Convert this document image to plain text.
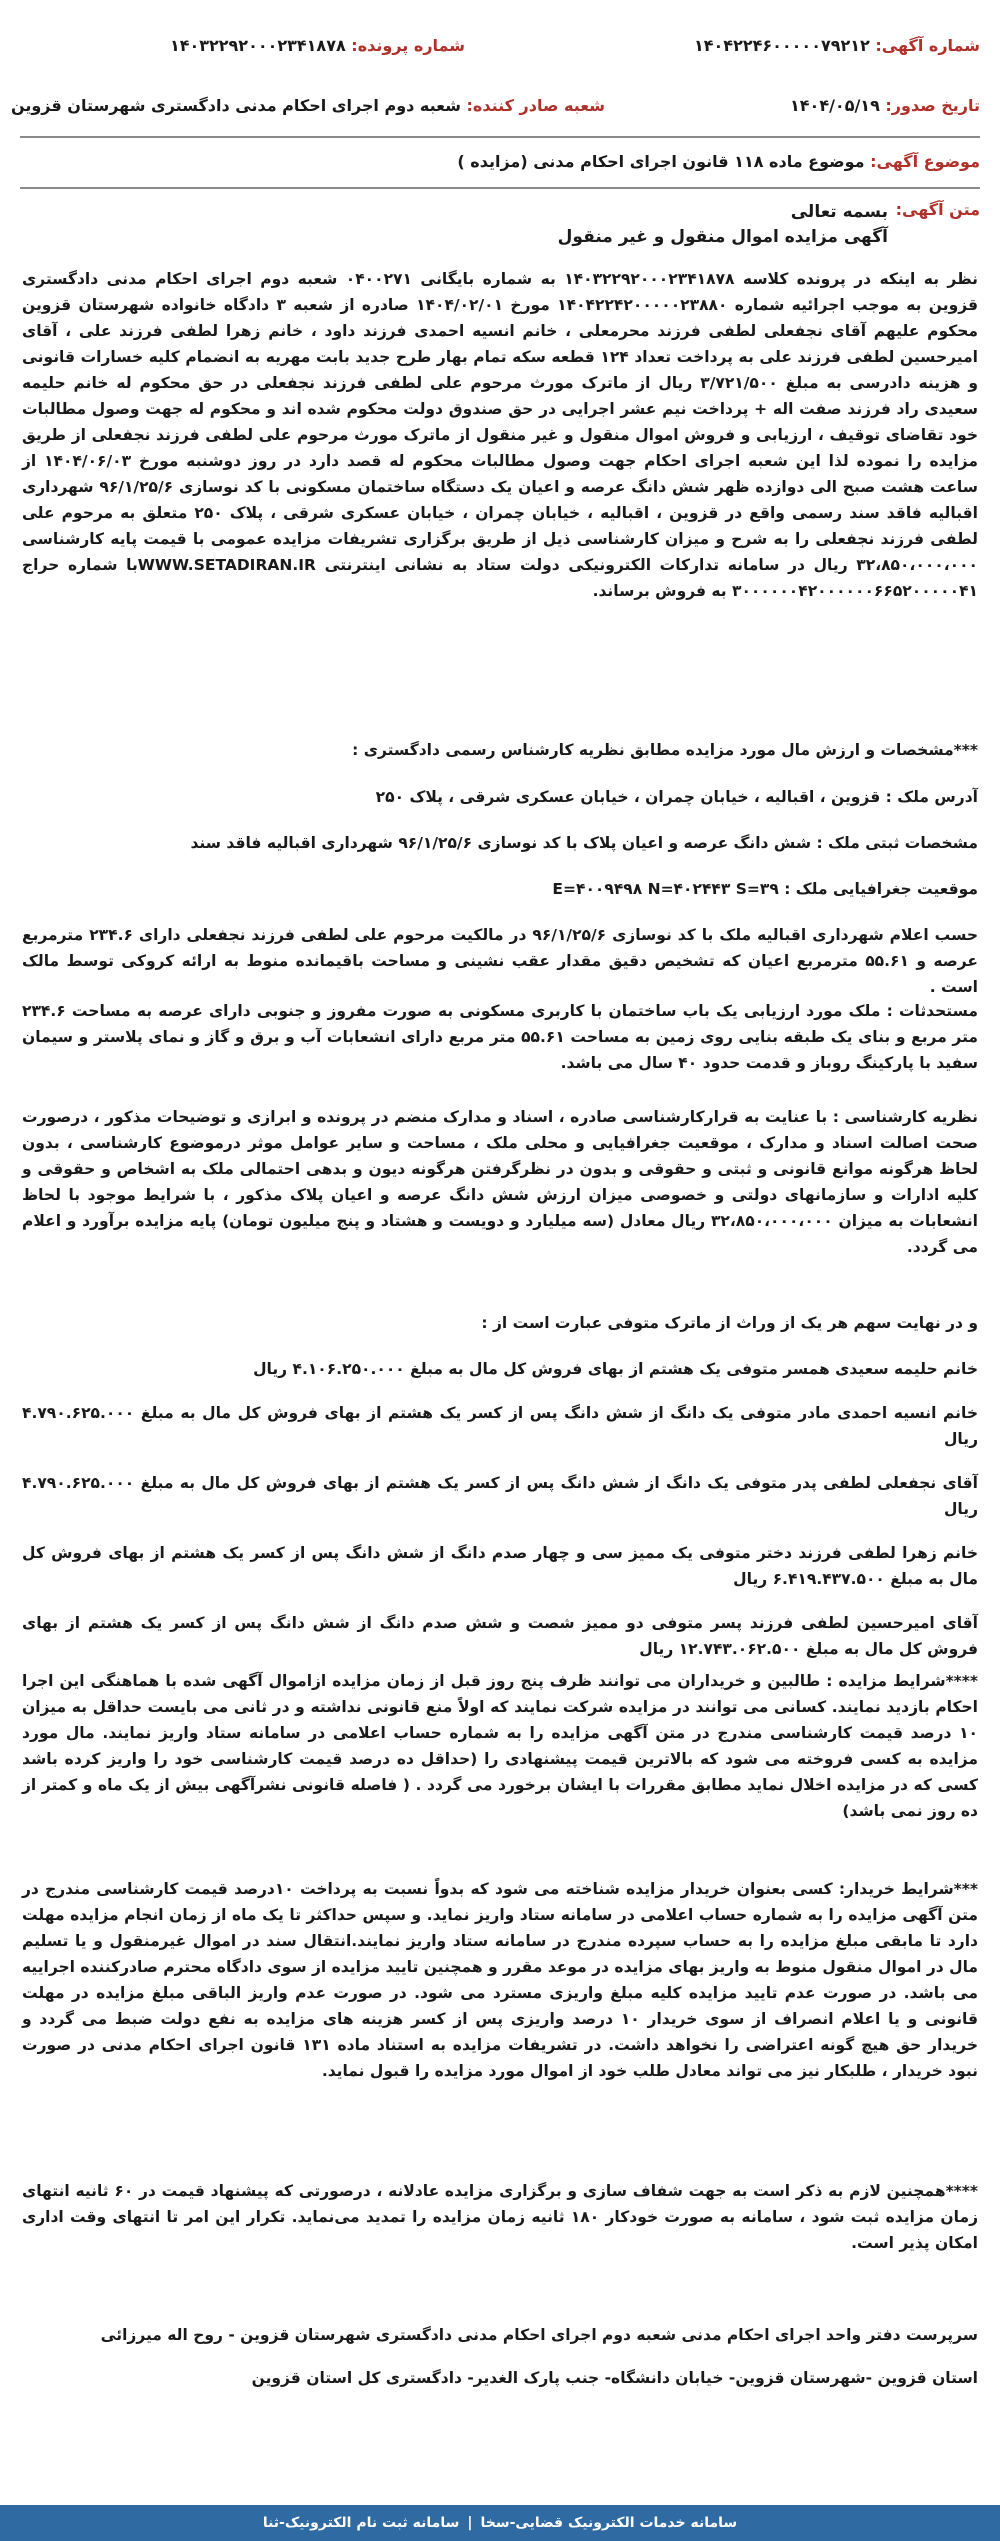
شماره آگهی: ۱۴۰۴۲۲۴۶۰۰۰۰۰۷۹۲۱۲
شماره پرونده: ۱۴۰۳۲۲۹۲۰۰۰۲۳۴۱۸۷۸
تاریخ صدور: ۱۴۰۴/۰۵/۱۹
شعبه صادر کننده: شعبه دوم اجرای احکام مدنی دادگستری شهرستان قزوین
موضوع آگهی: موضوع ماده ۱۱۸ قانون اجرای احکام مدنی (مزایده )
متن آگهی:
بسمه تعالی
آگهی مزایده اموال منقول و غیر منقول

نظر به اینکه در پرونده کلاسه ۱۴۰۳۲۲۹۲۰۰۰۲۳۴۱۸۷۸ به شماره بایگانی ۰۴۰۰۲۷۱ شعبه دوم اجرای احکام مدنی دادگستری قزوین به موجب اجرائیه شماره ۱۴۰۴۲۲۴۲۰۰۰۰۰۲۳۸۸۰ مورخ ۱۴۰۴/۰۲/۰۱ صادره از شعبه ۳ دادگاه خانواده شهرستان قزوین محکوم علیهم آقای نجفعلی لطفی فرزند محرمعلی ، خانم انسیه احمدی فرزند داود ، خانم زهرا لطفی فرزند علی ، آقای امیرحسین لطفی فرزند علی به پرداخت تعداد ۱۲۴ قطعه سکه تمام بهار طرح جدید بابت مهریه به انضمام کلیه خسارات قانونی و هزینه دادرسی به مبلغ ۳/۷۲۱/۵۰۰ ریال از ماترک مورث مرحوم علی لطفی فرزند نجفعلی در حق محکوم له خانم حلیمه سعیدی راد فرزند صفت اله + پرداخت نیم عشر اجرایی در حق صندوق دولت محکوم شده اند و محکوم له جهت وصول مطالبات خود تقاضای توقیف ، ارزیابی و فروش اموال منقول و غیر منقول از ماترک مورث مرحوم علی لطفی فرزند نجفعلی از طریق مزایده را نموده لذا این شعبه اجرای احکام جهت وصول مطالبات محکوم له قصد دارد در روز دوشنبه مورخ ۱۴۰۴/۰۶/۰۳ از ساعت هشت صبح الی دوازده ظهر شش دانگ عرصه و اعیان یک دستگاه ساختمان مسکونی با کد نوسازی ۹۶/۱/۲۵/۶ شهرداری اقبالیه فاقد سند رسمی واقع در قزوین ، اقبالیه ، خیابان چمران ، خیابان عسکری شرقی ، پلاک ۲۵۰ متعلق به مرحوم علی لطفی فرزند نجفعلی را به شرح و میزان کارشناسی ذیل از طریق برگزاری تشریفات مزایده عمومی با قیمت پایه کارشناسی ۳۲،۸۵۰،۰۰۰،۰۰۰ ریال در سامانه تدارکات الکترونیکی دولت ستاد به نشانی اینترنتی WWW.SETADIRAN.IRبا شماره حراج ۳۰۰۰۰۰۰۴۲۰۰۰۰۰۰۶۶۵۲۰۰۰۰۰۴۱ به فروش برساند.

***مشخصات و ارزش مال مورد مزایده مطابق نظریه کارشناس رسمی دادگستری :

آدرس ملک : قزوین ، اقبالیه ، خیابان چمران ، خیابان عسکری شرقی ، پلاک ۲۵۰

مشخصات ثبتی ملک : شش دانگ عرصه و اعیان پلاک با کد نوسازی ۹۶/۱/۲۵/۶ شهرداری اقبالیه فاقد سند

موقعیت جغرافیایی ملک : E=۴۰۰۹۴۹۸ N=۴۰۲۴۴۳ S=۳۹

حسب اعلام شهرداری اقبالیه ملک با کد نوسازی ۹۶/۱/۲۵/۶ در مالکیت مرحوم علی لطفی فرزند نجفعلی دارای ۲۳۴.۶ مترمربع عرصه و ۵۵.۶۱ مترمربع اعیان که تشخیص دقیق مقدار عقب نشینی و مساحت باقیمانده منوط به ارائه کروکی توسط مالک است .

مستحدثات : ملک مورد ارزیابی یک باب ساختمان با کاربری مسکونی به صورت مفروز و جنوبی دارای عرصه به مساحت ۲۳۴.۶ متر مربع و بنای یک طبقه بنایی روی زمین به مساحت ۵۵.۶۱ متر مربع دارای انشعابات آب و برق و گاز و نمای پلاستر و سیمان سفید با پارکینگ روباز و قدمت حدود ۴۰ سال می باشد.

نظریه کارشناسی : با عنایت به قرارکارشناسی صادره ، اسناد و مدارک منضم در پرونده و ابرازی و توضیحات مذکور ، درصورت صحت اصالت اسناد و مدارک ، موقعیت جغرافیایی و محلی ملک ، مساحت و سایر عوامل موثر درموضوع کارشناسی ، بدون لحاظ هرگونه موانع قانونی و ثبتی و حقوقی و بدون در نظرگرفتن هرگونه دیون و بدهی احتمالی ملک به اشخاص و حقوقی و کلیه ادارات و سازمانهای دولتی و خصوصی میزان ارزش شش دانگ عرصه و اعیان پلاک مذکور ، با شرایط موجود با لحاظ انشعابات به میزان ۳۲،۸۵۰،۰۰۰،۰۰۰ ریال معادل (سه میلیارد و دویست و هشتاد و پنج میلیون تومان) پایه مزایده برآورد و اعلام می گردد.

و در نهایت سهم هر یک از وراث از ماترک متوفی عبارت است از :

خانم حلیمه سعیدی همسر متوفی یک هشتم از بهای فروش کل مال به مبلغ ۴.۱۰۶.۲۵۰.۰۰۰ ریال

خانم انسیه احمدی مادر متوفی یک دانگ از شش دانگ پس از کسر یک هشتم از بهای فروش کل مال به مبلغ ۴.۷۹۰.۶۲۵.۰۰۰ ریال

آقای نجفعلی لطفی پدر متوفی یک دانگ از شش دانگ پس از کسر یک هشتم از بهای فروش کل مال به مبلغ ۴.۷۹۰.۶۲۵.۰۰۰ ریال

خانم زهرا لطفی فرزند دختر متوفی یک ممیز سی و چهار صدم دانگ از شش دانگ پس از کسر یک هشتم از بهای فروش کل مال به مبلغ ۶.۴۱۹.۴۳۷.۵۰۰ ریال

آقای امیرحسین لطفی فرزند پسر متوفی دو ممیز شصت و شش صدم دانگ از شش دانگ پس از کسر یک هشتم از بهای فروش کل مال به مبلغ ۱۲.۷۴۳.۰۶۲.۵۰۰ ریال

****شرایط مزایده : طالبین و خریداران می توانند ظرف پنج روز قبل از زمان مزایده ازاموال آگهی شده با هماهنگی این اجرا احکام بازدید نمایند. کسانی می توانند در مزایده شرکت نمایند که اولاً منع قانونی نداشته و در ثانی می بایست حداقل به میزان ۱۰ درصد قیمت کارشناسی مندرج در متن آگهی مزایده را به شماره حساب اعلامی در سامانه ستاد واریز نمایند. مال مورد مزایده به کسی فروخته می شود که بالاترین قیمت پیشنهادی را (حداقل ده درصد قیمت کارشناسی خود را واریز کرده باشد کسی که در مزایده اخلال نماید مطابق مقررات با ایشان برخورد می گردد . ( فاصله قانونی نشرآگهی بیش از یک ماه و کمتر از ده روز نمی باشد)

***شرایط خریدار: کسی بعنوان خریدار مزایده شناخته می شود که بدواً نسبت به پرداخت ۱۰درصد قیمت کارشناسی مندرج در متن آگهی مزایده را به شماره حساب اعلامی در سامانه ستاد واریز نماید. و سپس حداکثر تا یک ماه از زمان انجام مزایده مهلت دارد تا مابقی مبلغ مزایده را به حساب سپرده مندرج در سامانه ستاد واریز نمایند.انتقال سند در اموال غیرمنقول و یا تسلیم مال در اموال منقول منوط به واریز بهای مزایده در موعد مقرر و همچنین تایید مزایده از سوی دادگاه محترم صادرکننده اجراییه می باشد. در صورت عدم تایید مزایده کلیه مبلغ واریزی مسترد می شود. در صورت عدم واریز الباقی مبلغ مزایده در مهلت قانونی و یا اعلام انصراف از سوی خریدار ۱۰ درصد واریزی پس از کسر هزینه های مزایده به نفع دولت ضبط می گردد و خریدار حق هیچ گونه اعتراضی را نخواهد داشت. در تشریفات مزایده به استناد ماده ۱۳۱ قانون اجرای احکام مدنی در صورت نبود خریدار ، طلبکار نیز می تواند معادل طلب خود از اموال مورد مزایده را قبول نماید.

****همچنین لازم به ذکر است به جهت شفاف سازی و برگزاری مزایده عادلانه ، درصورتی که پیشنهاد قیمت در ۶۰ ثانیه انتهای زمان مزایده ثبت شود ، سامانه به صورت خودکار ۱۸۰ ثانیه زمان مزایده را تمدید می‌نماید. تکرار این امر تا انتهای وقت اداری امکان پذیر است.

سرپرست دفتر واحد اجرای احکام مدنی شعبه دوم اجرای احکام مدنی دادگستری شهرستان قزوین - روح اله میرزائی

استان قزوین -شهرستان قزوین- خیابان دانشگاه- جنب پارک الغدیر- دادگستری کل استان قزوین

سامانه خدمات الکترونیک قضایی-سخا
|
سامانه ثبت نام الکترونیک-ثنا
